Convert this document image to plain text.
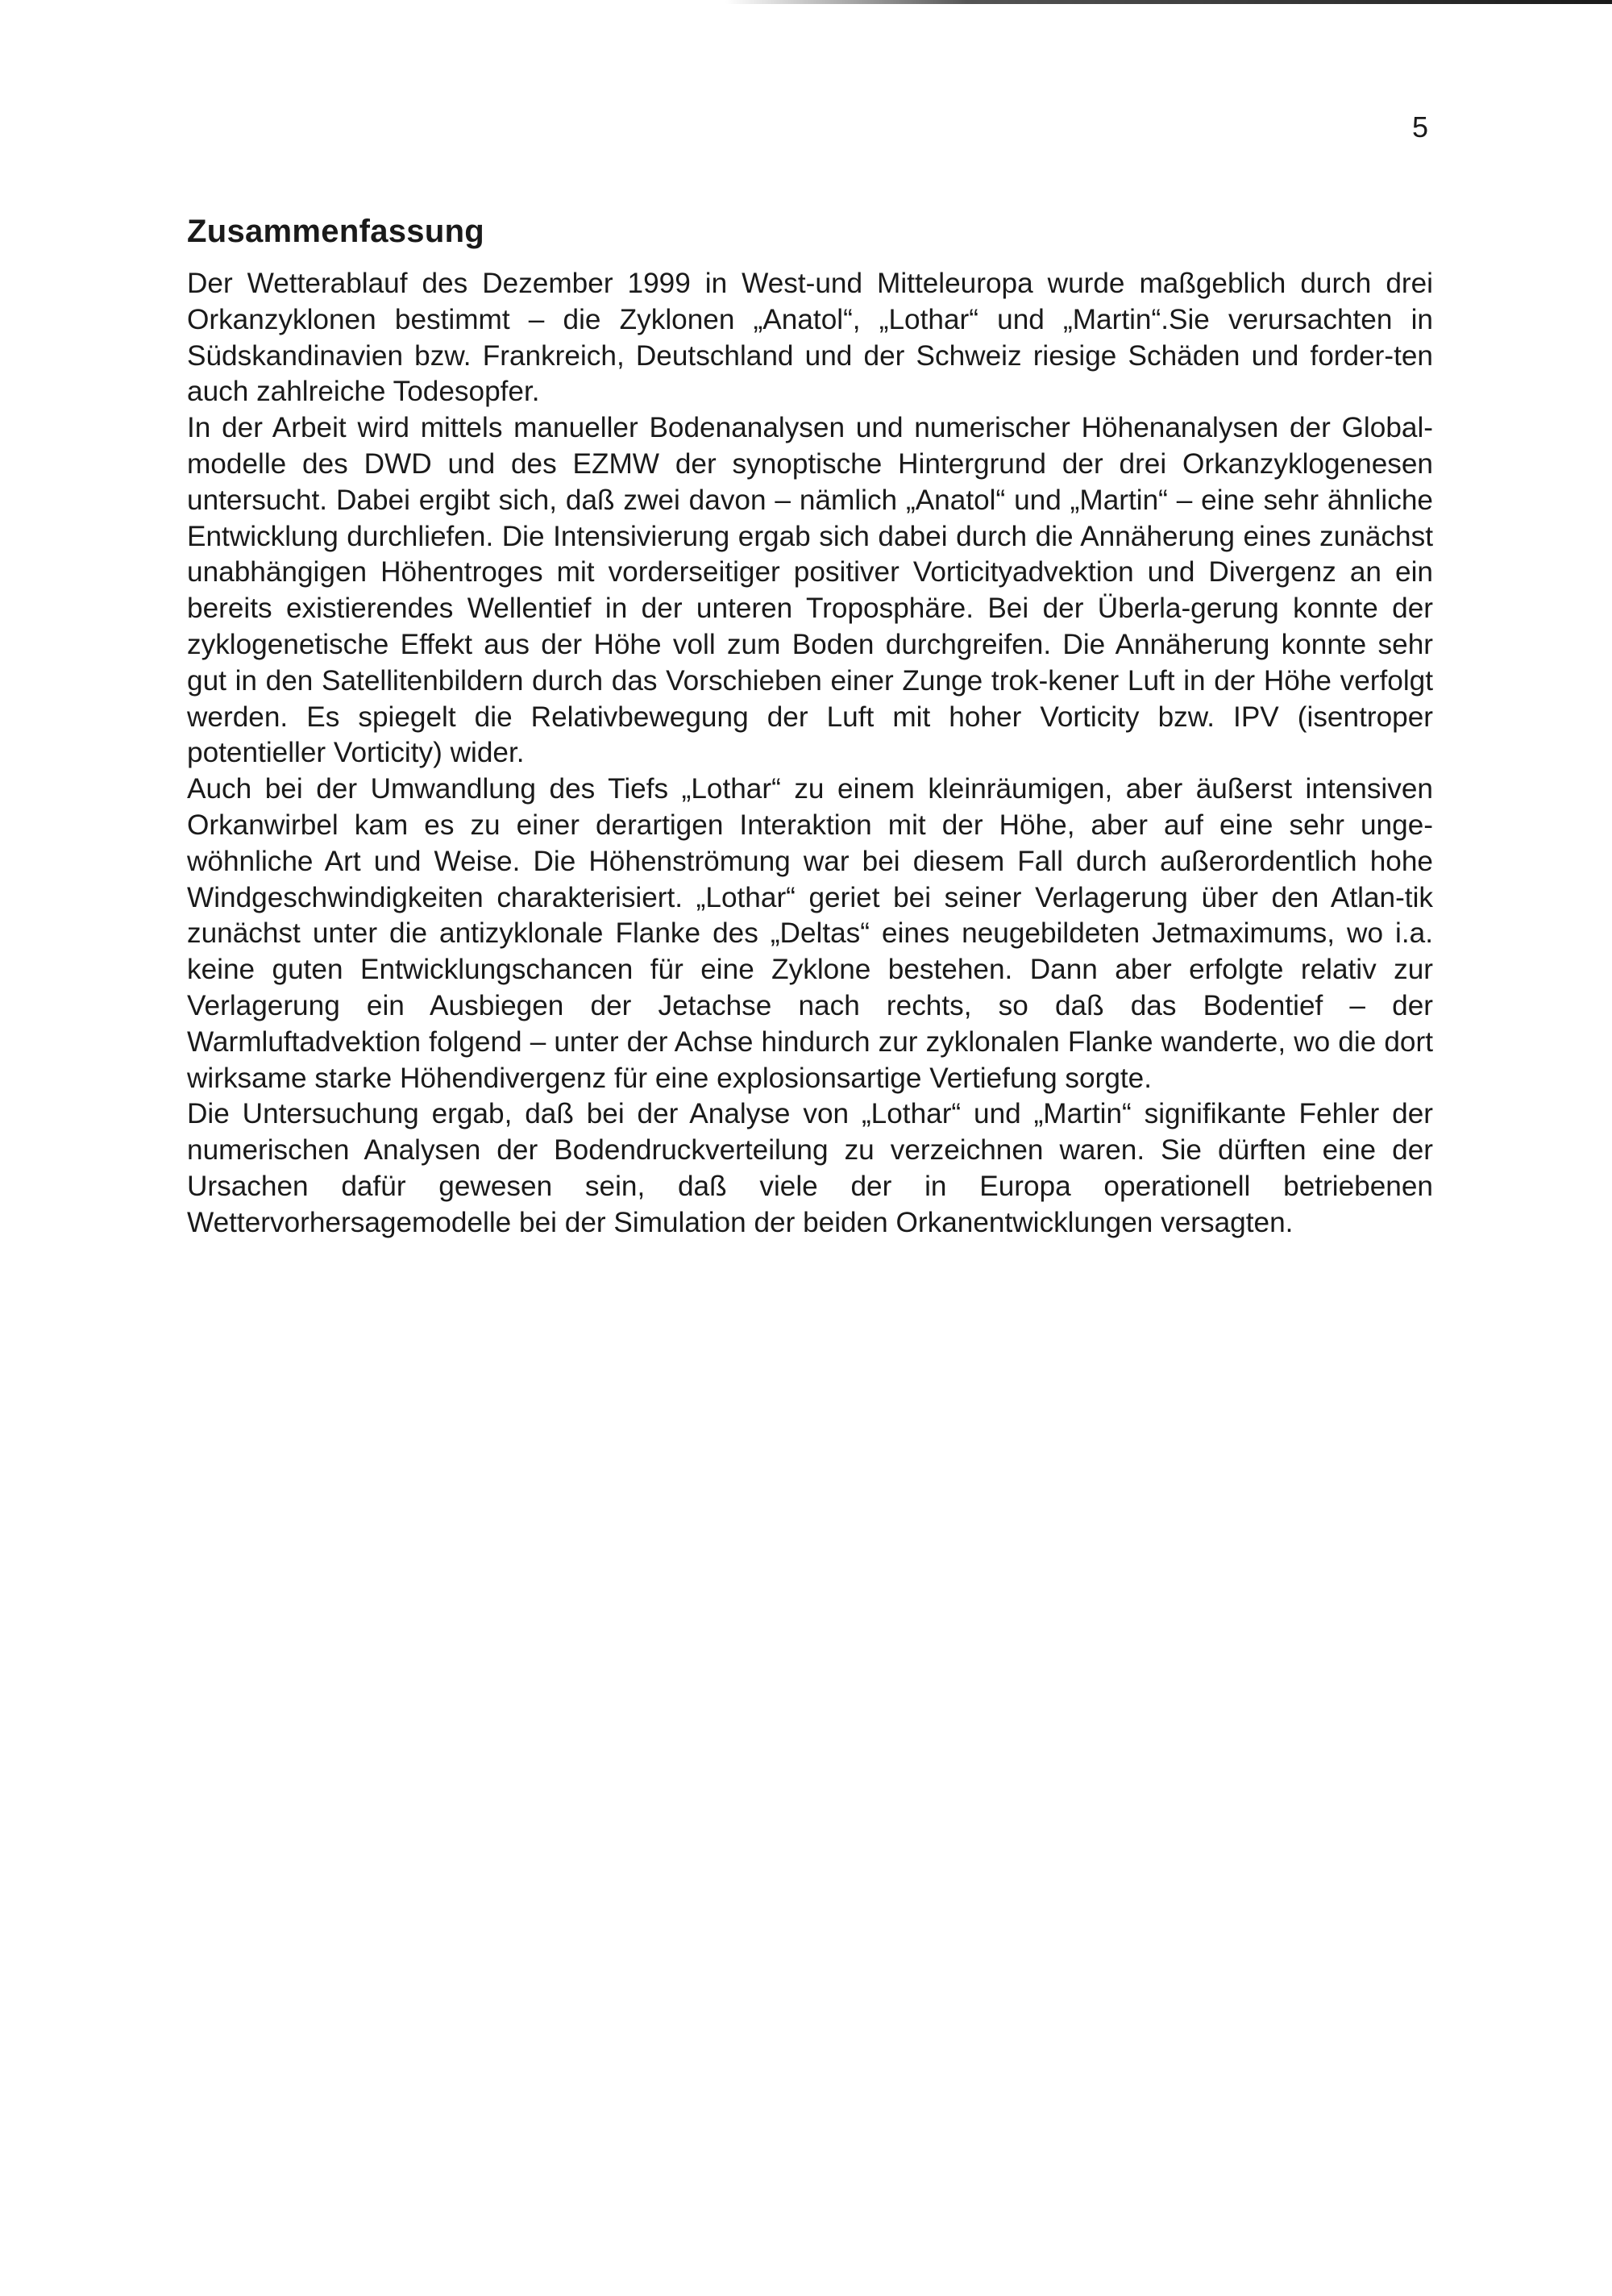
5
Zusammenfassung

Der Wetterablauf des Dezember 1999 in West-und Mitteleuropa wurde maßgeblich durch drei Orkanzyklonen bestimmt – die Zyklonen „Anatol“, „Lothar“ und „Martin“.Sie verursachten in Südskandinavien bzw. Frankreich, Deutschland und der Schweiz riesige Schäden und forder-ten auch zahlreiche Todesopfer.

In der Arbeit wird mittels manueller Bodenanalysen und numerischer Höhenanalysen der Global-modelle des DWD und des EZMW der synoptische Hintergrund der drei Orkanzyklogenesen untersucht. Dabei ergibt sich, daß zwei davon – nämlich „Anatol“ und „Martin“ – eine sehr ähnliche Entwicklung durchliefen. Die Intensivierung ergab sich dabei durch die Annäherung eines zunächst unabhängigen Höhentroges mit vorderseitiger positiver Vorticityadvektion und Divergenz an ein bereits existierendes Wellentief in der unteren Troposphäre. Bei der Überla-gerung konnte der zyklogenetische Effekt aus der Höhe voll zum Boden durchgreifen. Die Annäherung konnte sehr gut in den Satellitenbildern durch das Vorschieben einer Zunge trok-kener Luft in der Höhe verfolgt werden. Es spiegelt die Relativbewegung der Luft mit hoher Vorticity bzw. IPV (isentroper potentieller Vorticity) wider.

Auch bei der Umwandlung des Tiefs „Lothar“ zu einem kleinräumigen, aber äußerst intensiven Orkanwirbel kam es zu einer derartigen Interaktion mit der Höhe, aber auf eine sehr unge-wöhnliche Art und Weise. Die Höhenströmung war bei diesem Fall durch außerordentlich hohe Windgeschwindigkeiten charakterisiert. „Lothar“ geriet bei seiner Verlagerung über den Atlan-tik zunächst unter die antizyklonale Flanke des „Deltas“ eines neugebildeten Jetmaximums, wo i.a. keine guten Entwicklungschancen für eine Zyklone bestehen. Dann aber erfolgte relativ zur Verlagerung ein Ausbiegen der Jetachse nach rechts, so daß das Bodentief – der Warmluftadvektion folgend – unter der Achse hindurch zur zyklonalen Flanke wanderte, wo die dort wirksame starke Höhendivergenz für eine explosionsartige Vertiefung sorgte.

Die Untersuchung ergab, daß bei der Analyse von „Lothar“ und „Martin“ signifikante Fehler der numerischen Analysen der Bodendruckverteilung zu verzeichnen waren. Sie dürften eine der Ursachen dafür gewesen sein, daß viele der in Europa operationell betriebenen Wettervorhersagemodelle bei der Simulation der beiden Orkanentwicklungen versagten.
